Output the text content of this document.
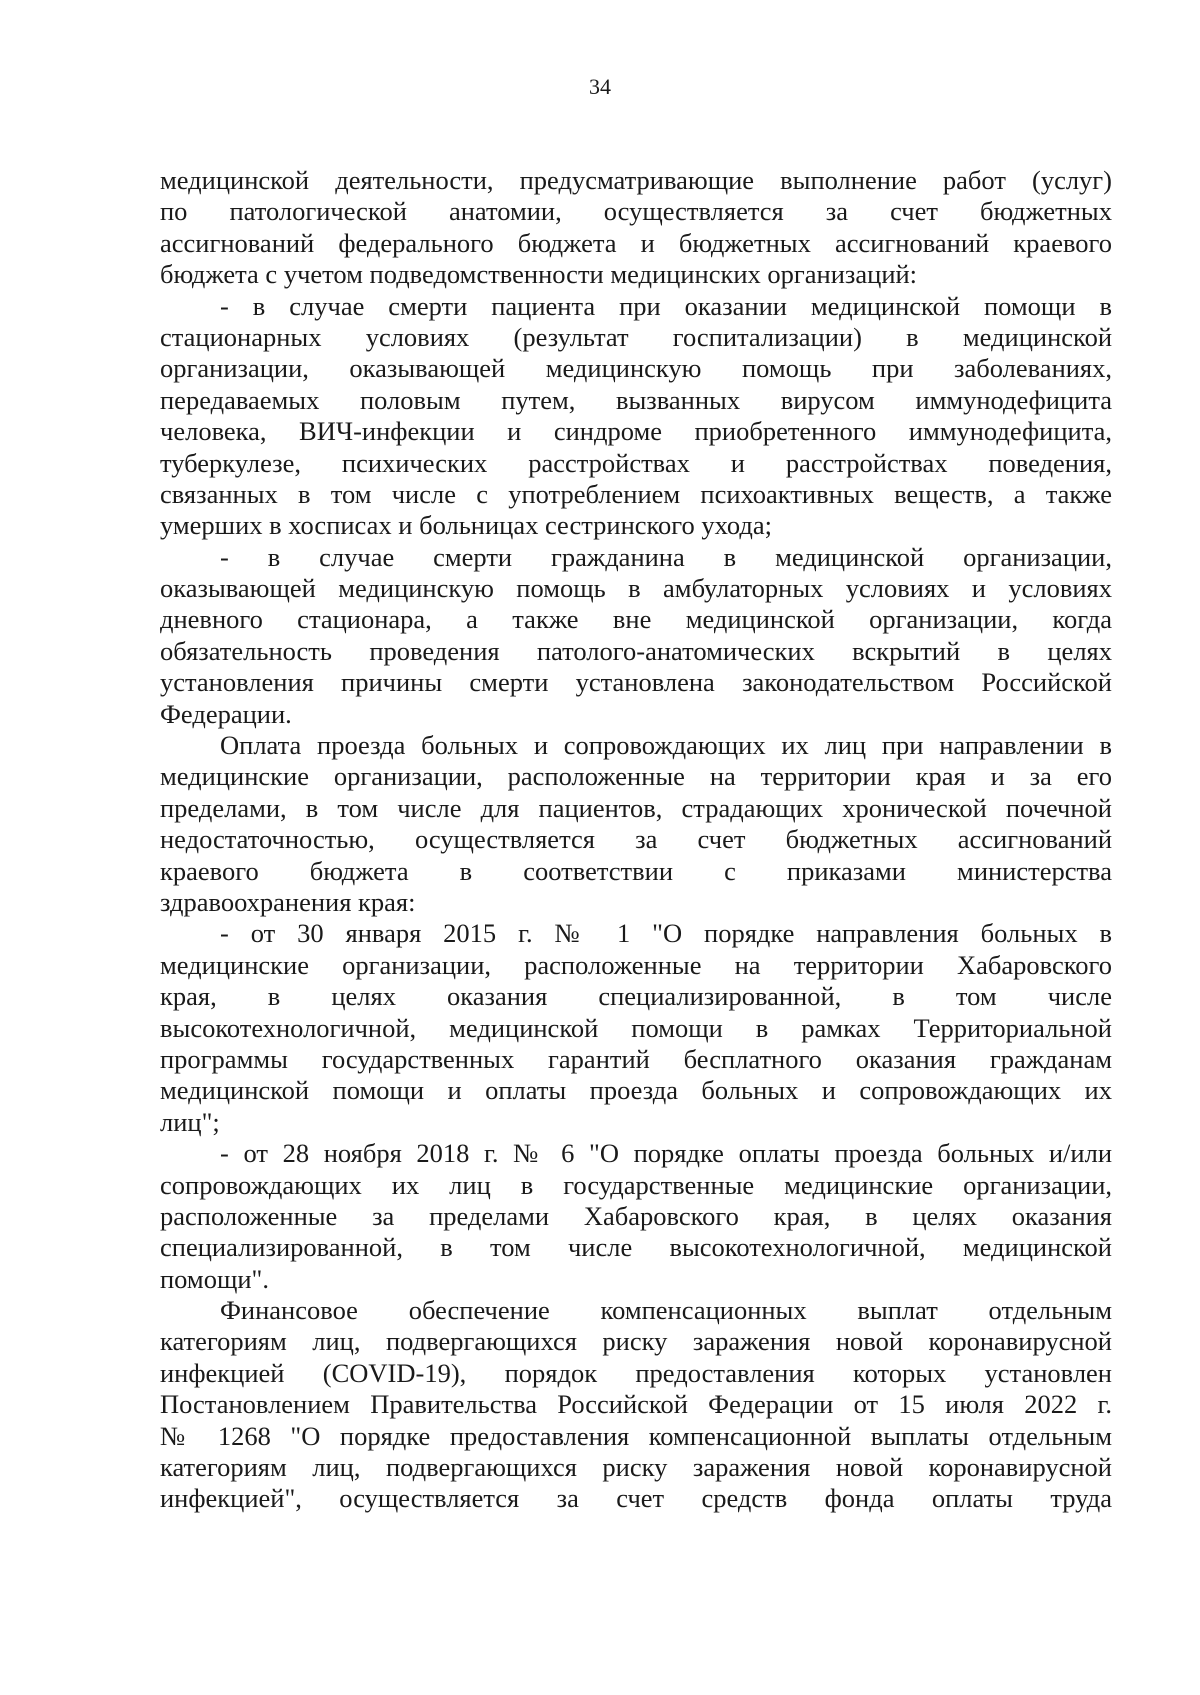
34
медицинской деятельности, предусматривающие выполнение работ (услуг)
по патологической анатомии, осуществляется за счет бюджетных
ассигнований федерального бюджета и бюджетных ассигнований краевого
бюджета с учетом подведомственности медицинских организаций:
- в случае смерти пациента при оказании медицинской помощи в
стационарных условиях (результат госпитализации) в медицинской
организации, оказывающей медицинскую помощь при заболеваниях,
передаваемых половым путем, вызванных вирусом иммунодефицита
человека, ВИЧ-инфекции и синдроме приобретенного иммунодефицита,
туберкулезе, психических расстройствах и расстройствах поведения,
связанных в том числе с употреблением психоактивных веществ, а также
умерших в хосписах и больницах сестринского ухода;
- в случае смерти гражданина в медицинской организации,
оказывающей медицинскую помощь в амбулаторных условиях и условиях
дневного стационара, а также вне медицинской организации, когда
обязательность проведения патолого-анатомических вскрытий в целях
установления причины смерти установлена законодательством Российской
Федерации.
Оплата проезда больных и сопровождающих их лиц при направлении в
медицинские организации, расположенные на территории края и за его
пределами, в том числе для пациентов, страдающих хронической почечной
недостаточностью, осуществляется за счет бюджетных ассигнований
краевого бюджета в соответствии с приказами министерства
здравоохранения края:
- от 30 января 2015 г. № 1 "О порядке направления больных в
медицинские организации, расположенные на территории Хабаровского
края, в целях оказания специализированной, в том числе
высокотехнологичной, медицинской помощи в рамках Территориальной
программы государственных гарантий бесплатного оказания гражданам
медицинской помощи и оплаты проезда больных и сопровождающих их
лиц";
- от 28 ноября 2018 г. № 6 "О порядке оплаты проезда больных и/или
сопровождающих их лиц в государственные медицинские организации,
расположенные за пределами Хабаровского края, в целях оказания
специализированной, в том числе высокотехнологичной, медицинской
помощи".
Финансовое обеспечение компенсационных выплат отдельным
категориям лиц, подвергающихся риску заражения новой коронавирусной
инфекцией (COVID-19), порядок предоставления которых установлен
Постановлением Правительства Российской Федерации от 15 июля 2022 г.
№ 1268 "О порядке предоставления компенсационной выплаты отдельным
категориям лиц, подвергающихся риску заражения новой коронавирусной
инфекцией", осуществляется за счет средств фонда оплаты труда
